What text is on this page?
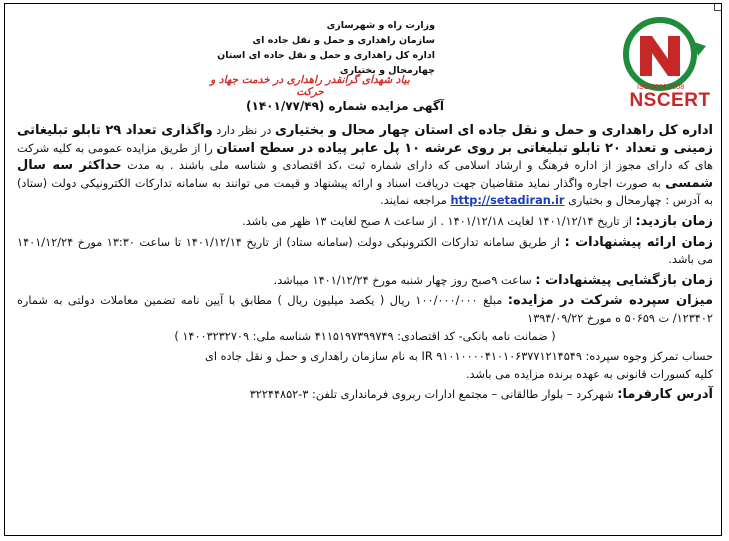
ISO 9001:2008
NSCERT
وزارت راه و شهرسازی
سازمان راهداری و حمل و نقل جاده ای
اداره کل راهداری و حمل و نقل جاده ای استان چهارمحال و بختیاری
بیاد شهدای گرانقدر راهداری در خدمت جهاد و حرکت
آگهی مزایده شماره (۱۴۰۱/۷۷/۴۹)

اداره کل راهداری و حمل و نقل جاده ای استان چهار محال و بختیاری در نظر دارد واگذاری تعداد ۲۹ تابلو تبلیغاتی زمینی و تعداد ۲۰ تابلو تبلیغاتی بر روی عرشه ۱۰ پل عابر پیاده در سطح استان را از طریق مزایده عمومی به کلیه شرکت های که دارای مجوز از اداره فرهنگ و ارشاد اسلامی که دارای شماره ثبت ،کد اقتصادی و شناسه ملی باشند . به مدت حداکثر سه سال شمسی به صورت اجاره واگذار نماید متقاضیان جهت دریافت اسناد و ارائه پیشنهاد و قیمت می توانند به سامانه تدارکات الکترونیکی دولت (ستاد) به آدرس : چهارمحال و بختیاری http://setadiran.ir مراجعه نمایند.

زمان بازدید: از تاریخ ۱۴۰۱/۱۲/۱۴ لغایت ۱۴۰۱/۱۲/۱۸ . از ساعت ۸ صبح لغایت ۱۳ ظهر می باشد.

زمان ارائه پیشنهادات : از طریق سامانه تدارکات الکترونیکی دولت (سامانه ستاد) از تاریخ ۱۴۰۱/۱۲/۱۴ تا ساعت ۱۳:۳۰ مورخ ۱۴۰۱/۱۲/۲۴ می باشد.

زمان بازگشایی پیشنهادات : ساعت ۹صبح روز چهار شنبه مورخ ۱۴۰۱/۱۲/۲۴ میباشد.

میزان سپرده شرکت در مزایده: مبلغ ۱۰۰/۰۰۰/۰۰۰ ریال ( یکصد میلیون ریال ) مطابق با آیین نامه تضمین معاملات دولتی به شماره ۱۲۳۴۰۲/ ت ۵۰۶۵۹ ه مورخ ۱۳۹۴/۰۹/۲۲

( ضمانت نامه بانکی- کد اقتصادی: ۴۱۱۵۱۹۷۳۹۹۷۴۹ شناسه ملی: ۱۴۰۰۳۲۳۲۷۰۹ )

حساب تمرکز وجوه سپرده: IR ۹۱۰۱۰۰۰۰۴۱۰۱۰۶۳۷۷۱۲۱۴۵۴۹ به نام سازمان راهداری و حمل و نقل جاده ای

کلیه کسورات قانونی به عهده برنده مزایده می باشد.

آدرس کارفرما: شهرکرد – بلوار طالقانی – مجتمع ادارات ربروی فرمانداری تلفن: ۳-۳۲۲۴۴۸۵۲
